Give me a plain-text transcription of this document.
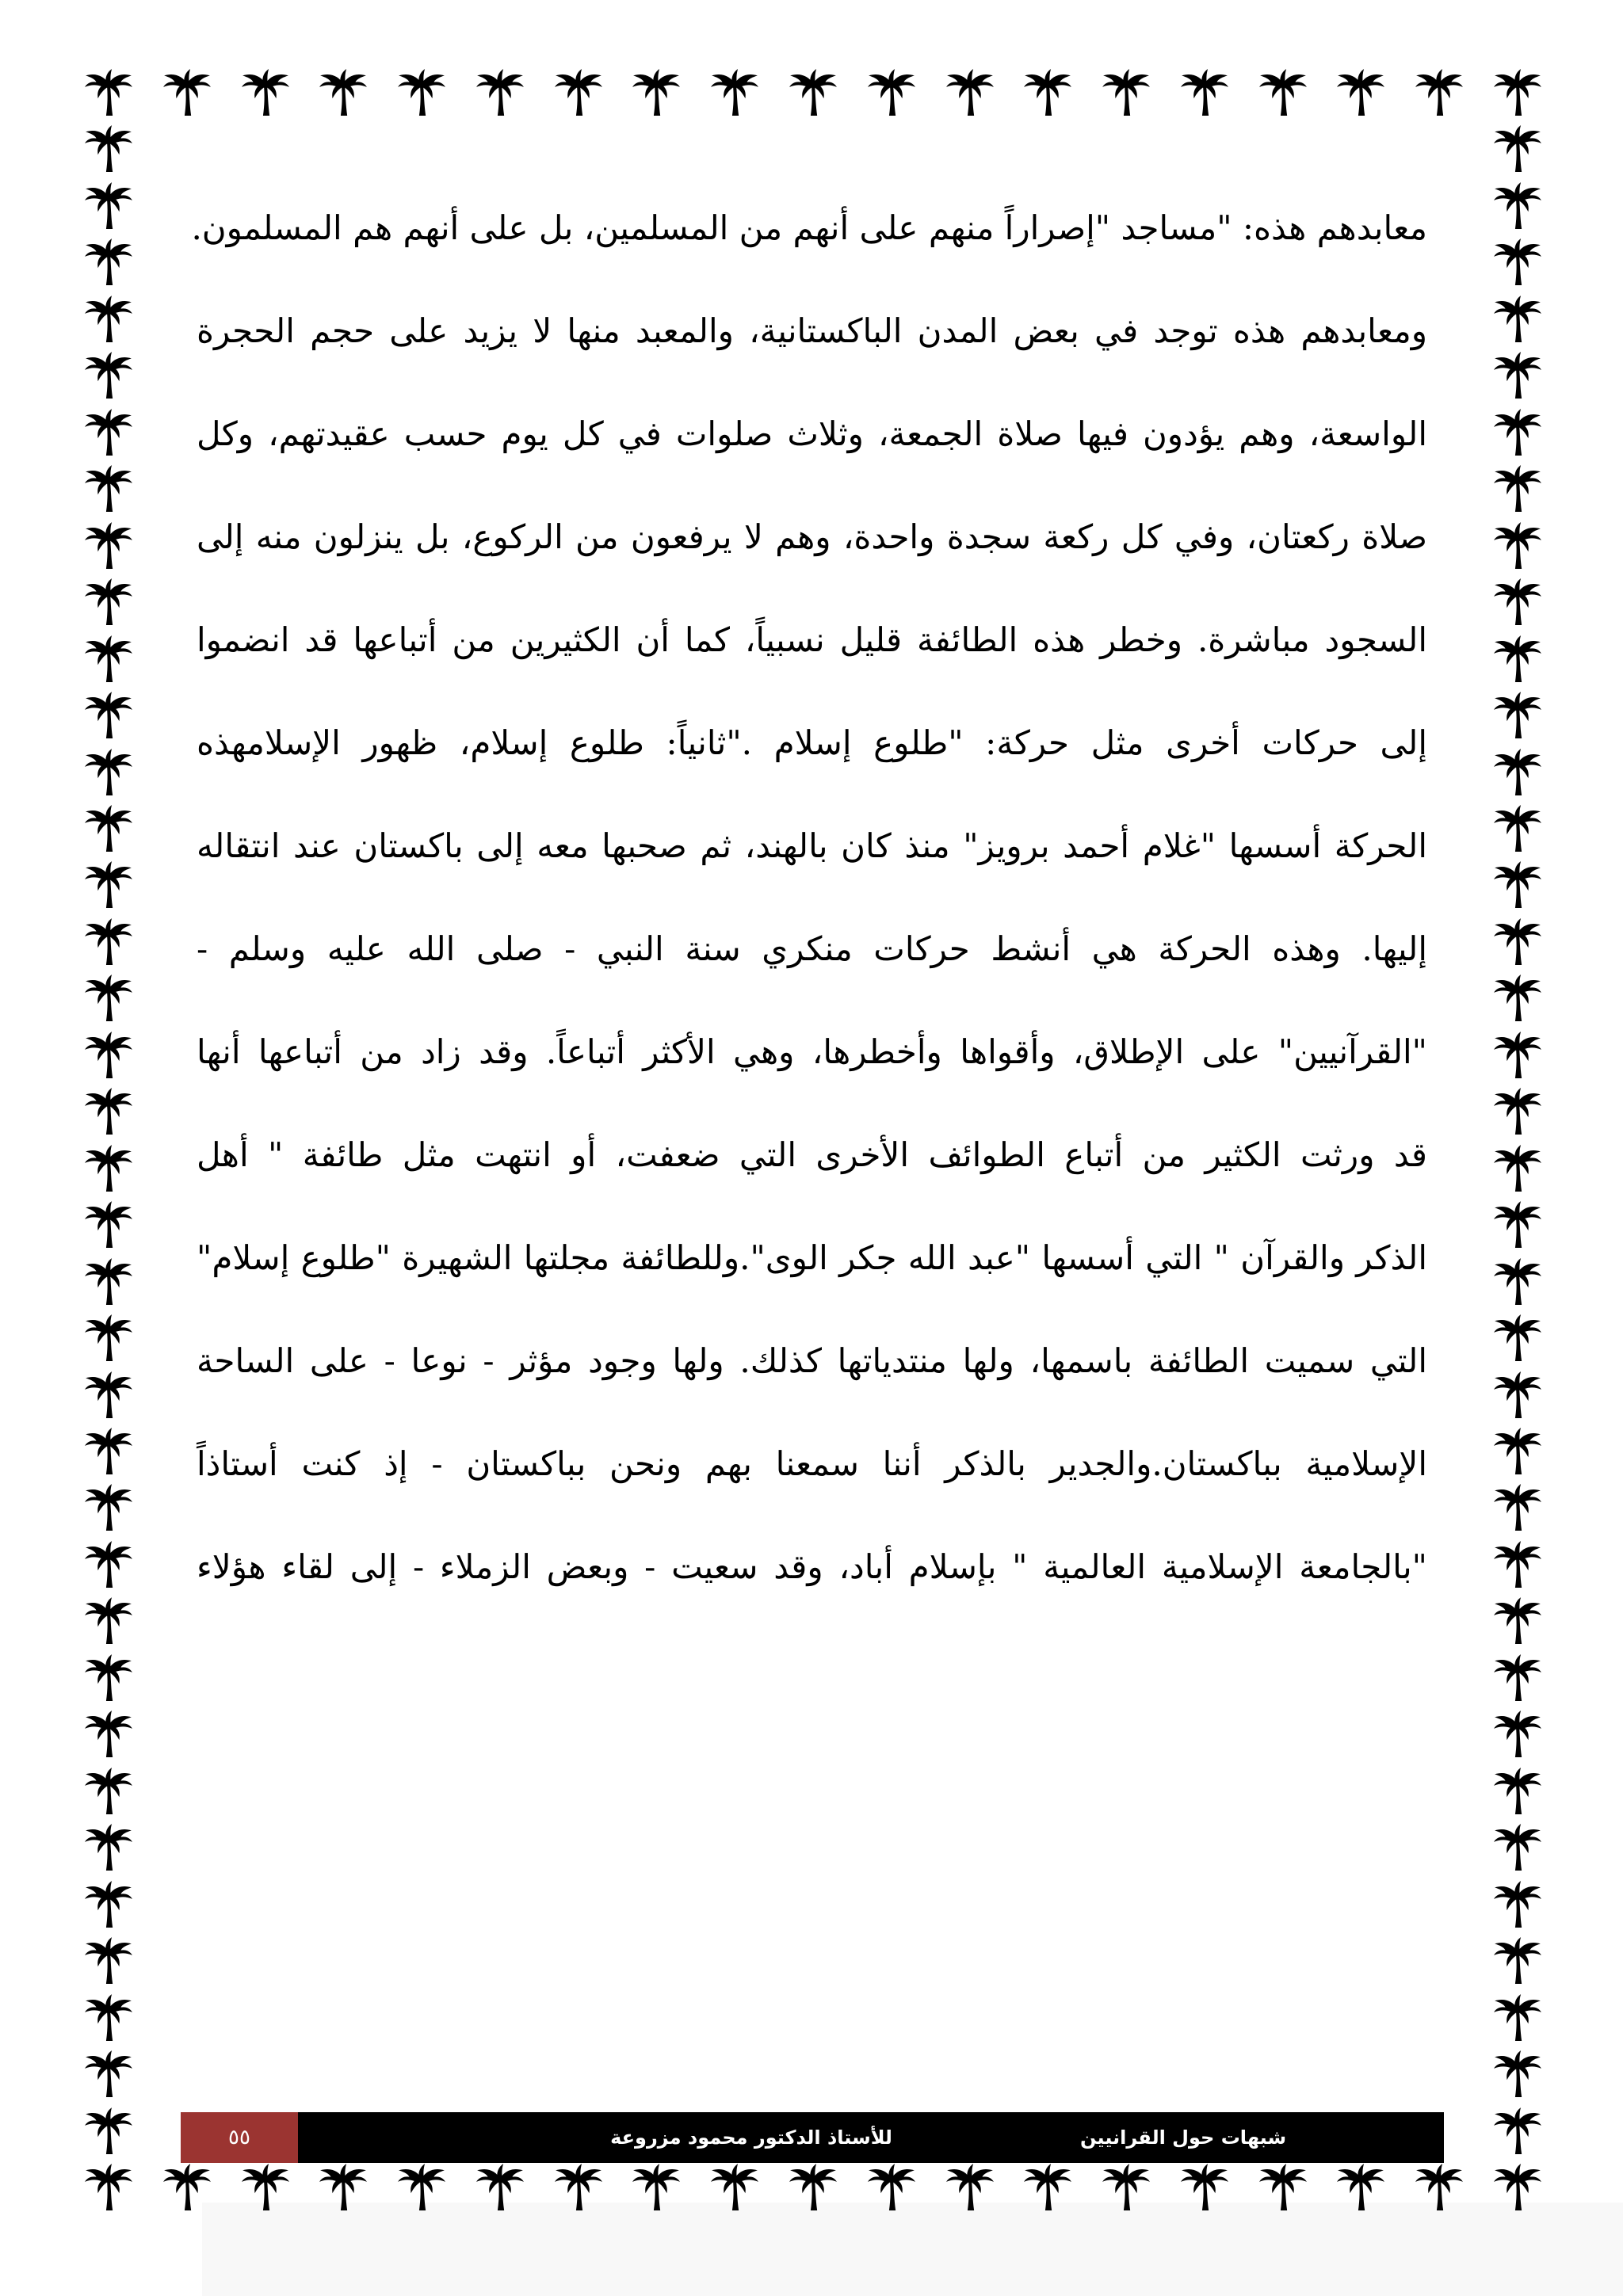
معابدهم هذه: "مساجد "إصراراً منهم على أنهم من المسلمين، بل على أنهم هم المسلمون.
ومعابدهم هذه توجد في بعض المدن الباكستانية، والمعبد منها لا يزيد على حجم الحجرة
الواسعة، وهم يؤدون فيها صلاة الجمعة، وثلاث صلوات في كل يوم حسب عقيدتهم، وكل
صلاة ركعتان، وفي كل ركعة سجدة واحدة، وهم لا يرفعون من الركوع، بل ينزلون منه إلى
السجود مباشرة. وخطر هذه الطائفة قليل نسبياً، كما أن الكثيرين من أتباعها قد انضموا
إلى حركات أخرى مثل حركة: "طلوع إسلام ."ثانياً: طلوع إسلام، ظهور الإسلامهذه
الحركة أسسها "غلام أحمد برويز" منذ كان بالهند، ثم صحبها معه إلى باكستان عند انتقاله
إليها. وهذه الحركة هي أنشط حركات منكري سنة النبي - صلى الله عليه وسلم -
"القرآنيين" على الإطلاق، وأقواها وأخطرها، وهي الأكثر أتباعاً. وقد زاد من أتباعها أنها
قد ورثت الكثير من أتباع الطوائف الأخرى التي ضعفت، أو انتهت مثل طائفة " أهل
الذكر والقرآن " التي أسسها "عبد الله جكر الوى".وللطائفة مجلتها الشهيرة "طلوع إسلام"
التي سميت الطائفة باسمها، ولها منتدياتها كذلك. ولها وجود مؤثر - نوعا - على الساحة
الإسلامية بباكستان.والجدير بالذكر أننا سمعنا بهم ونحن بباكستان - إذ كنت أستاذاً
"بالجامعة الإسلامية العالمية " بإسلام أباد، وقد سعيت - وبعض الزملاء - إلى لقاء هؤلاء
٥٥	للأستاذ الدكتور محمود مزروعة	شبهات حول القرانيين
